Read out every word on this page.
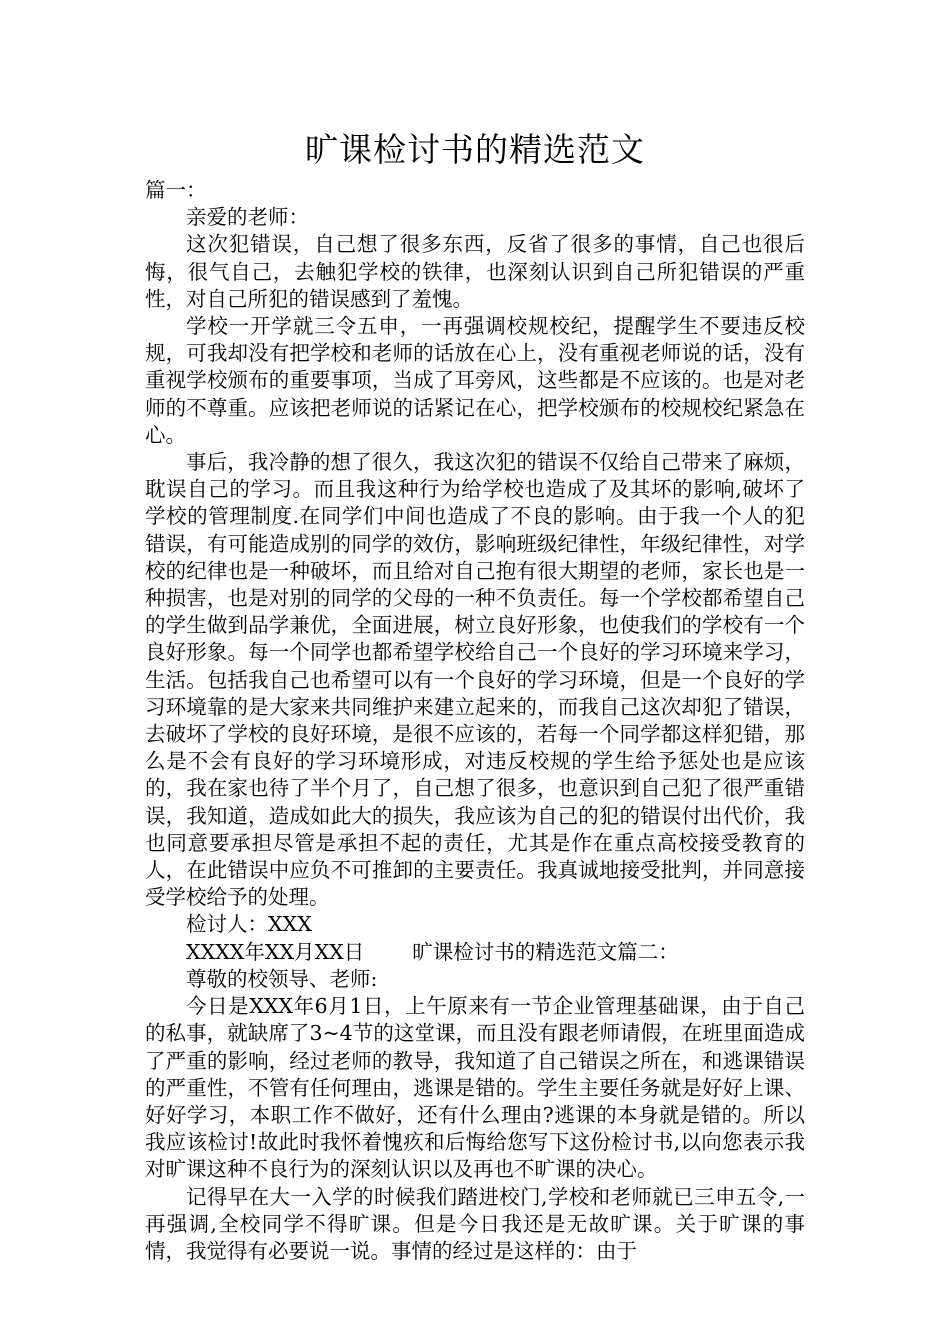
旷课检讨书的精选范文

篇一：

亲爱的老师：

这次犯错误，自己想了很多东西，反省了很多的事情，自己也很后悔，很气自己，去触犯学校的铁律，也深刻认识到自己所犯错误的严重性，对自己所犯的错误感到了羞愧。

学校一开学就三令五申，一再强调校规校纪，提醒学生不要违反校规，可我却没有把学校和老师的话放在心上，没有重视老师说的话，没有重视学校颁布的重要事项，当成了耳旁风，这些都是不应该的。也是对老师的不尊重。应该把老师说的话紧记在心，把学校颁布的校规校纪紧急在心。

事后，我冷静的想了很久，我这次犯的错误不仅给自己带来了麻烦，耽误自己的学习。而且我这种行为给学校也造成了及其坏的影响,破坏了学校的管理制度.在同学们中间也造成了不良的影响。由于我一个人的犯错误，有可能造成别的同学的效仿，影响班级纪律性，年级纪律性，对学校的纪律也是一种破坏，而且给对自己抱有很大期望的老师，家长也是一种损害，也是对别的同学的父母的一种不负责任。每一个学校都希望自己的学生做到品学兼优，全面进展，树立良好形象，也使我们的学校有一个良好形象。每一个同学也都希望学校给自己一个良好的学习环境来学习，生活。包括我自己也希望可以有一个良好的学习环境，但是一个良好的学习环境靠的是大家来共同维护来建立起来的，而我自己这次却犯了错误，去破坏了学校的良好环境，是很不应该的，若每一个同学都这样犯错，那么是不会有良好的学习环境形成，对违反校规的学生给予惩处也是应该的，我在家也待了半个月了，自己想了很多，也意识到自己犯了很严重错误，我知道，造成如此大的损失，我应该为自己的犯的错误付出代价，我也同意要承担尽管是承担不起的责任，尤其是作在重点高校接受教育的人，在此错误中应负不可推卸的主要责任。我真诚地接受批判，并同意接受学校给予的处理。

检讨人：XXX

XXXX年XX月XX日 旷课检讨书的精选范文篇二：

尊敬的校领导、老师:

今日是XXX年6月1日，上午原来有一节企业管理基础课，由于自己的私事，就缺席了3~4节的这堂课，而且没有跟老师请假，在班里面造成了严重的影响，经过老师的教导，我知道了自己错误之所在，和逃课错误的严重性，不管有任何理由，逃课是错的。学生主要任务就是好好上课、好好学习，本职工作不做好，还有什么理由?逃课的本身就是错的。所以我应该检讨!故此时我怀着愧疚和后悔给您写下这份检讨书,以向您表示我对旷课这种不良行为的深刻认识以及再也不旷课的决心。

记得早在大一入学的时候我们踏进校门,学校和老师就已三申五令,一再强调,全校同学不得旷课。但是今日我还是无故旷课。关于旷课的事情，我觉得有必要说一说。事情的经过是这样的：由于
